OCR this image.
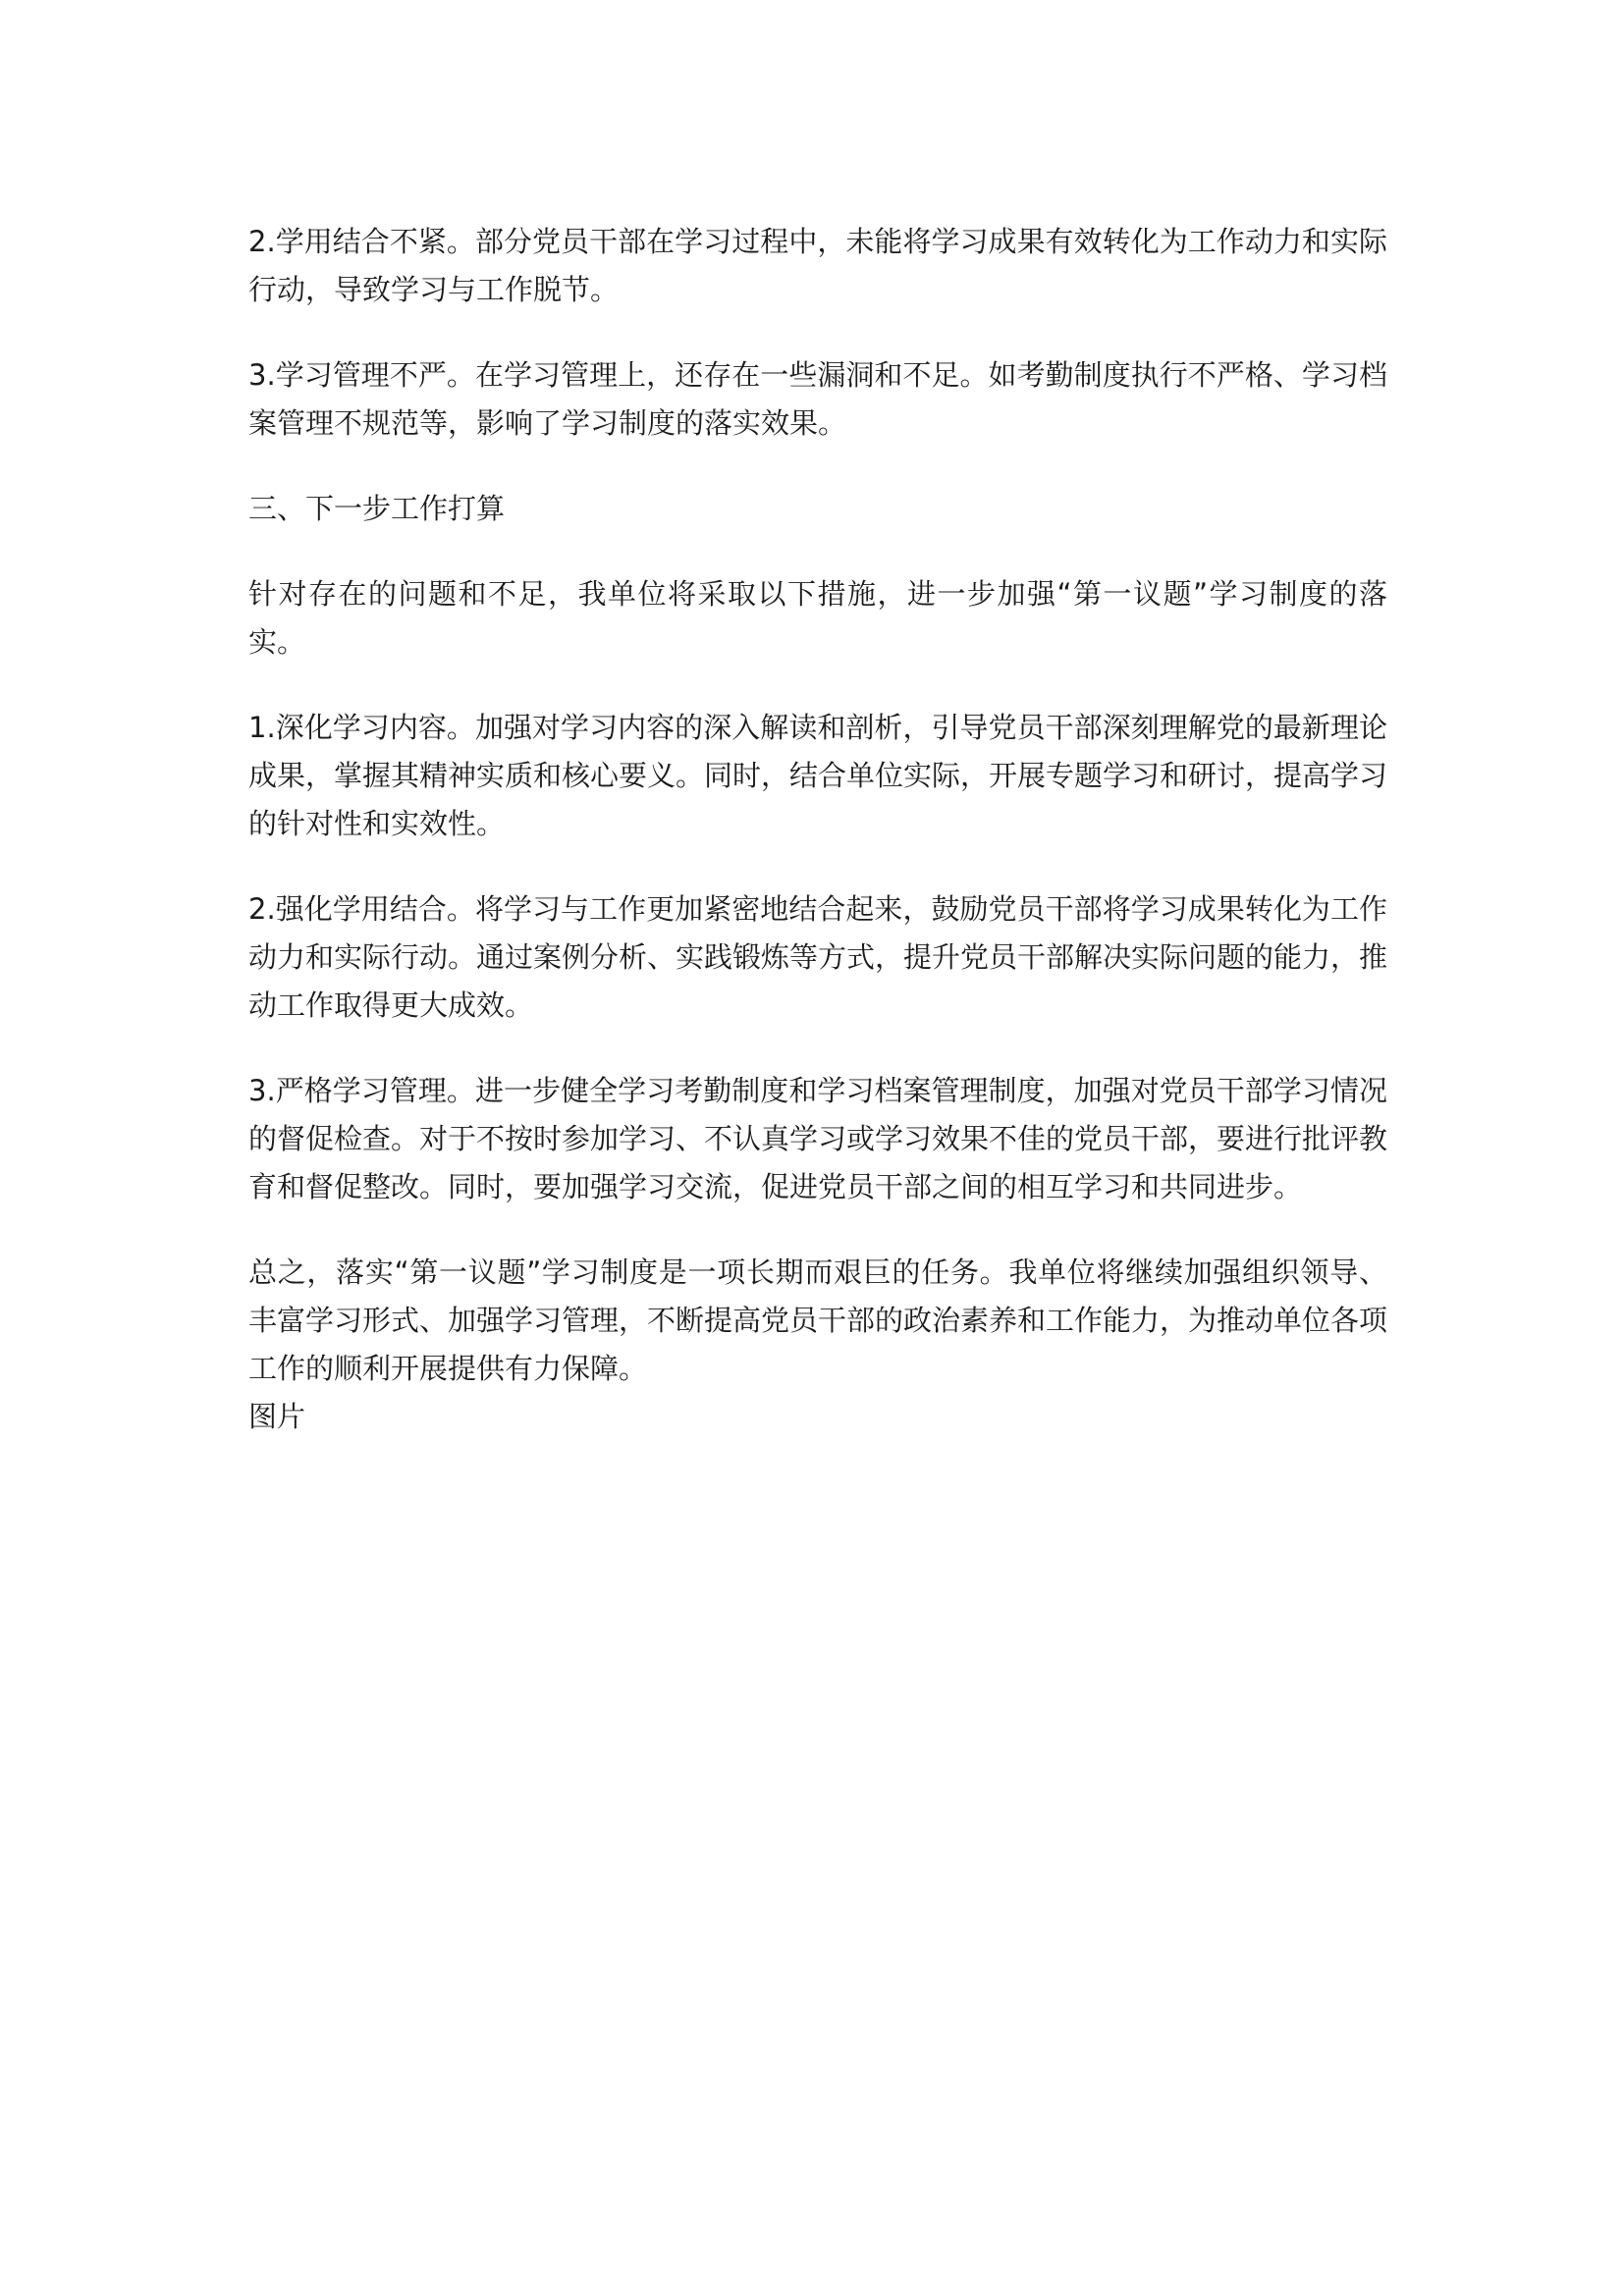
2.学用结合不紧。部分党员干部在学习过程中，未能将学习成果有效转化为工作动力和实际行动，导致学习与工作脱节。

3.学习管理不严。在学习管理上，还存在一些漏洞和不足。如考勤制度执行不严格、学习档案管理不规范等，影响了学习制度的落实效果。

三、下一步工作打算

针对存在的问题和不足，我单位将采取以下措施，进一步加强“第一议题”学习制度的落实。

1.深化学习内容。加强对学习内容的深入解读和剖析，引导党员干部深刻理解党的最新理论成果，掌握其精神实质和核心要义。同时，结合单位实际，开展专题学习和研讨，提高学习的针对性和实效性。

2.强化学用结合。将学习与工作更加紧密地结合起来，鼓励党员干部将学习成果转化为工作动力和实际行动。通过案例分析、实践锻炼等方式，提升党员干部解决实际问题的能力，推动工作取得更大成效。

3.严格学习管理。进一步健全学习考勤制度和学习档案管理制度，加强对党员干部学习情况的督促检查。对于不按时参加学习、不认真学习或学习效果不佳的党员干部，要进行批评教育和督促整改。同时，要加强学习交流，促进党员干部之间的相互学习和共同进步。

总之，落实“第一议题”学习制度是一项长期而艰巨的任务。我单位将继续加强组织领导、丰富学习形式、加强学习管理，不断提高党员干部的政治素养和工作能力，为推动单位各项工作的顺利开展提供有力保障。

图片
